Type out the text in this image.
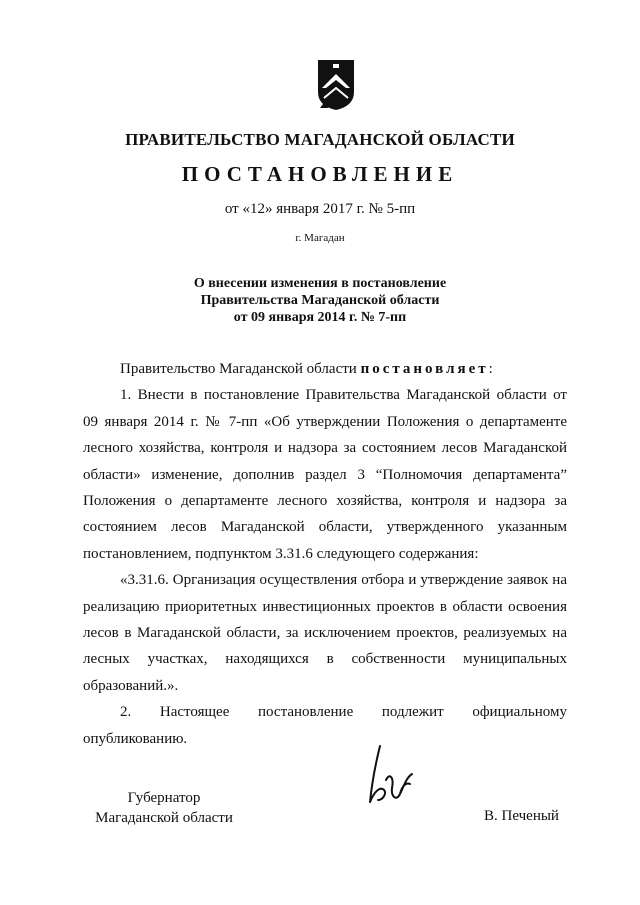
ПРАВИТЕЛЬСТВО МАГАДАНСКОЙ ОБЛАСТИ
ПОСТАНОВЛЕНИЕ
от «12» января 2017 г. № 5-пп
г. Магадан
О внесении изменения в постановление
Правительства Магаданской области
от 09 января 2014 г. № 7-пп

Правительство Магаданской области постановляет:

1. Внести в постановление Правительства Магаданской области от 09 января 2014 г. № 7-пп «Об утверждении Положения о департаменте лесного хозяйства, контроля и надзора за состоянием лесов Магаданской области» изменение, дополнив раздел 3 “Полномочия департамента” Положения о департаменте лесного хозяйства, контроля и надзора за состоянием лесов Магаданской области, утвержденного указанным постановлением, подпунктом 3.31.6 следующего содержания:

«3.31.6. Организация осуществления отбора и утверждение заявок на реализацию приоритетных инвестиционных проектов в области освоения лесов в Магаданской области, за исключением проектов, реализуемых на лесных участках, находящихся в собственности муниципальных образований.».

2. Настоящее постановление подлежит официальному опубликованию.

Губернатор
Магаданской области	В. Печеный
